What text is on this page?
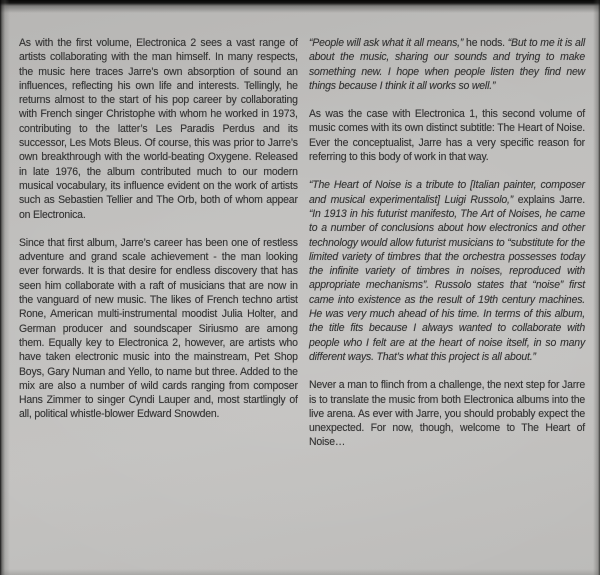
As with the first volume, Electronica 2 sees a vast range of artists collaborating with the man himself. In many respects, the music here traces Jarre’s own absorption of sound an influences, reflecting his own life and interests. Tellingly, he returns almost to the start of his pop career by collaborating with French singer Christophe with whom he worked in 1973, contributing to the latter’s Les Paradis Perdus and its successor, Les Mots Bleus. Of course, this was prior to Jarre’s own breakthrough with the world-beating Oxygene. Released in late 1976, the album contributed much to our modern musical vocabulary, its influence evident on the work of artists such as Sebastien Tellier and The Orb, both of whom appear on Electronica.

Since that first album, Jarre’s career has been one of restless adventure and grand scale achievement - the man looking ever forwards. It is that desire for endless discovery that has seen him collaborate with a raft of musicians that are now in the vanguard of new music. The likes of French techno artist Rone, American multi-instrumental moodist Julia Holter, and German producer and soundscaper Siriusmo are among them. Equally key to Electronica 2, however, are artists who have taken electronic music into the mainstream, Pet Shop Boys, Gary Numan and Yello, to name but three. Added to the mix are also a number of wild cards ranging from composer Hans Zimmer to singer Cyndi Lauper and, most startlingly of all, political whistle-blower Edward Snowden.

“People will ask what it all means,” he nods. “But to me it is all about the music, sharing our sounds and trying to make something new. I hope when people listen they find new things because I think it all works so well.”

As was the case with Electronica 1, this second volume of music comes with its own distinct subtitle: The Heart of Noise. Ever the conceptualist, Jarre has a very specific reason for referring to this body of work in that way.

“The Heart of Noise is a tribute to [Italian painter, composer and musical experimentalist] Luigi Russolo,” explains Jarre. “In 1913 in his futurist manifesto, The Art of Noises, he came to a number of conclusions about how electronics and other technology would allow futurist musicians to “substitute for the limited variety of timbres that the orchestra possesses today the infinite variety of timbres in noises, reproduced with appropriate mechanisms”. Russolo states that “noise” first came into existence as the result of 19th century machines. He was very much ahead of his time. In terms of this album, the title fits because I always wanted to collaborate with people who I felt are at the heart of noise itself, in so many different ways. That’s what this project is all about.”

Never a man to flinch from a challenge, the next step for Jarre is to translate the music from both Electronica albums into the live arena. As ever with Jarre, you should probably expect the unexpected. For now, though, welcome to The Heart of Noise…
